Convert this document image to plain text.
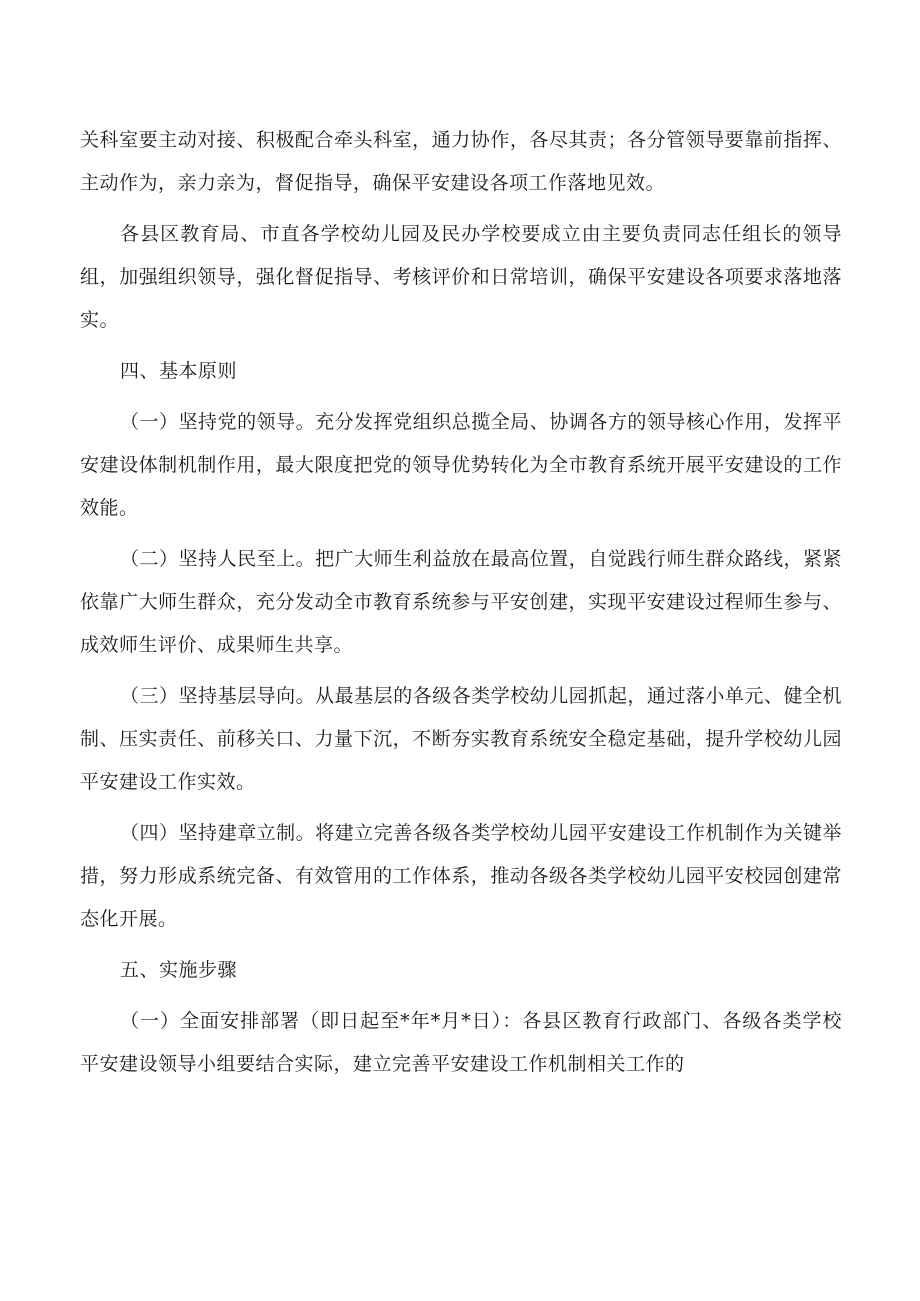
关科室要主动对接、积极配合牵头科室，通力协作，各尽其责；各分管领导要靠前指挥、主动作为，亲力亲为，督促指导，确保平安建设各项工作落地见效。

各县区教育局、市直各学校幼儿园及民办学校要成立由主要负责同志任组长的领导组，加强组织领导，强化督促指导、考核评价和日常培训，确保平安建设各项要求落地落实。

四、基本原则

（一）坚持党的领导。充分发挥党组织总揽全局、协调各方的领导核心作用，发挥平安建设体制机制作用，最大限度把党的领导优势转化为全市教育系统开展平安建设的工作效能。

（二）坚持人民至上。把广大师生利益放在最高位置，自觉践行师生群众路线，紧紧依靠广大师生群众，充分发动全市教育系统参与平安创建，实现平安建设过程师生参与、成效师生评价、成果师生共享。

（三）坚持基层导向。从最基层的各级各类学校幼儿园抓起，通过落小单元、健全机制、压实责任、前移关口、力量下沉，不断夯实教育系统安全稳定基础，提升学校幼儿园平安建设工作实效。

（四）坚持建章立制。将建立完善各级各类学校幼儿园平安建设工作机制作为关键举措，努力形成系统完备、有效管用的工作体系，推动各级各类学校幼儿园平安校园创建常态化开展。

五、实施步骤

（一）全面安排部署（即日起至*年*月*日）：各县区教育行政部门、各级各类学校平安建设领导小组要结合实际，建立完善平安建设工作机制相关工作的
